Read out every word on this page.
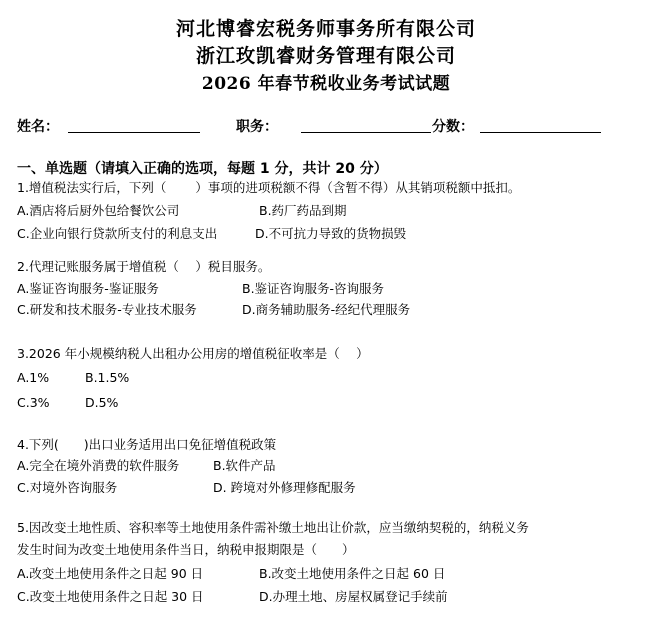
河北博睿宏税务师事务所有限公司
浙江玫凯睿财务管理有限公司
2026 年春节税收业务考试试题
姓名：	职务：	分数：
一、单选题（请填入正确的选项，每题 1 分，共计 20 分）
1.增值税法实行后，下列（　　 ）事项的进项税额不得（含暂不得）从其销项税额中抵扣。
A.酒店将后厨外包给餐饮公司	B.药厂药品到期
C.企业向银行贷款所支付的利息支出	D.不可抗力导致的货物损毁
2.代理记账服务属于增值税（　 ）税目服务。
A.鉴证咨询服务-鉴证服务	B.鉴证咨询服务-咨询服务
C.研发和技术服务-专业技术服务	D.商务辅助服务-经纪代理服务
3.2026 年小规模纳税人出租办公用房的增值税征收率是（　 ）
A.1%	B.1.5%
C.3%	D.5%
4.下列(　　)出口业务适用出口免征增值税政策
A.完全在境外消费的软件服务	B.软件产品
C.对境外咨询服务	D. 跨境对外修理修配服务
5.因改变土地性质、容积率等土地使用条件需补缴土地出让价款，应当缴纳契税的，纳税义务
发生时间为改变土地使用条件当日，纳税申报期限是（　　）
A.改变土地使用条件之日起 90 日	B.改变土地使用条件之日起 60 日
C.改变土地使用条件之日起 30 日	D.办理土地、房屋权属登记手续前
